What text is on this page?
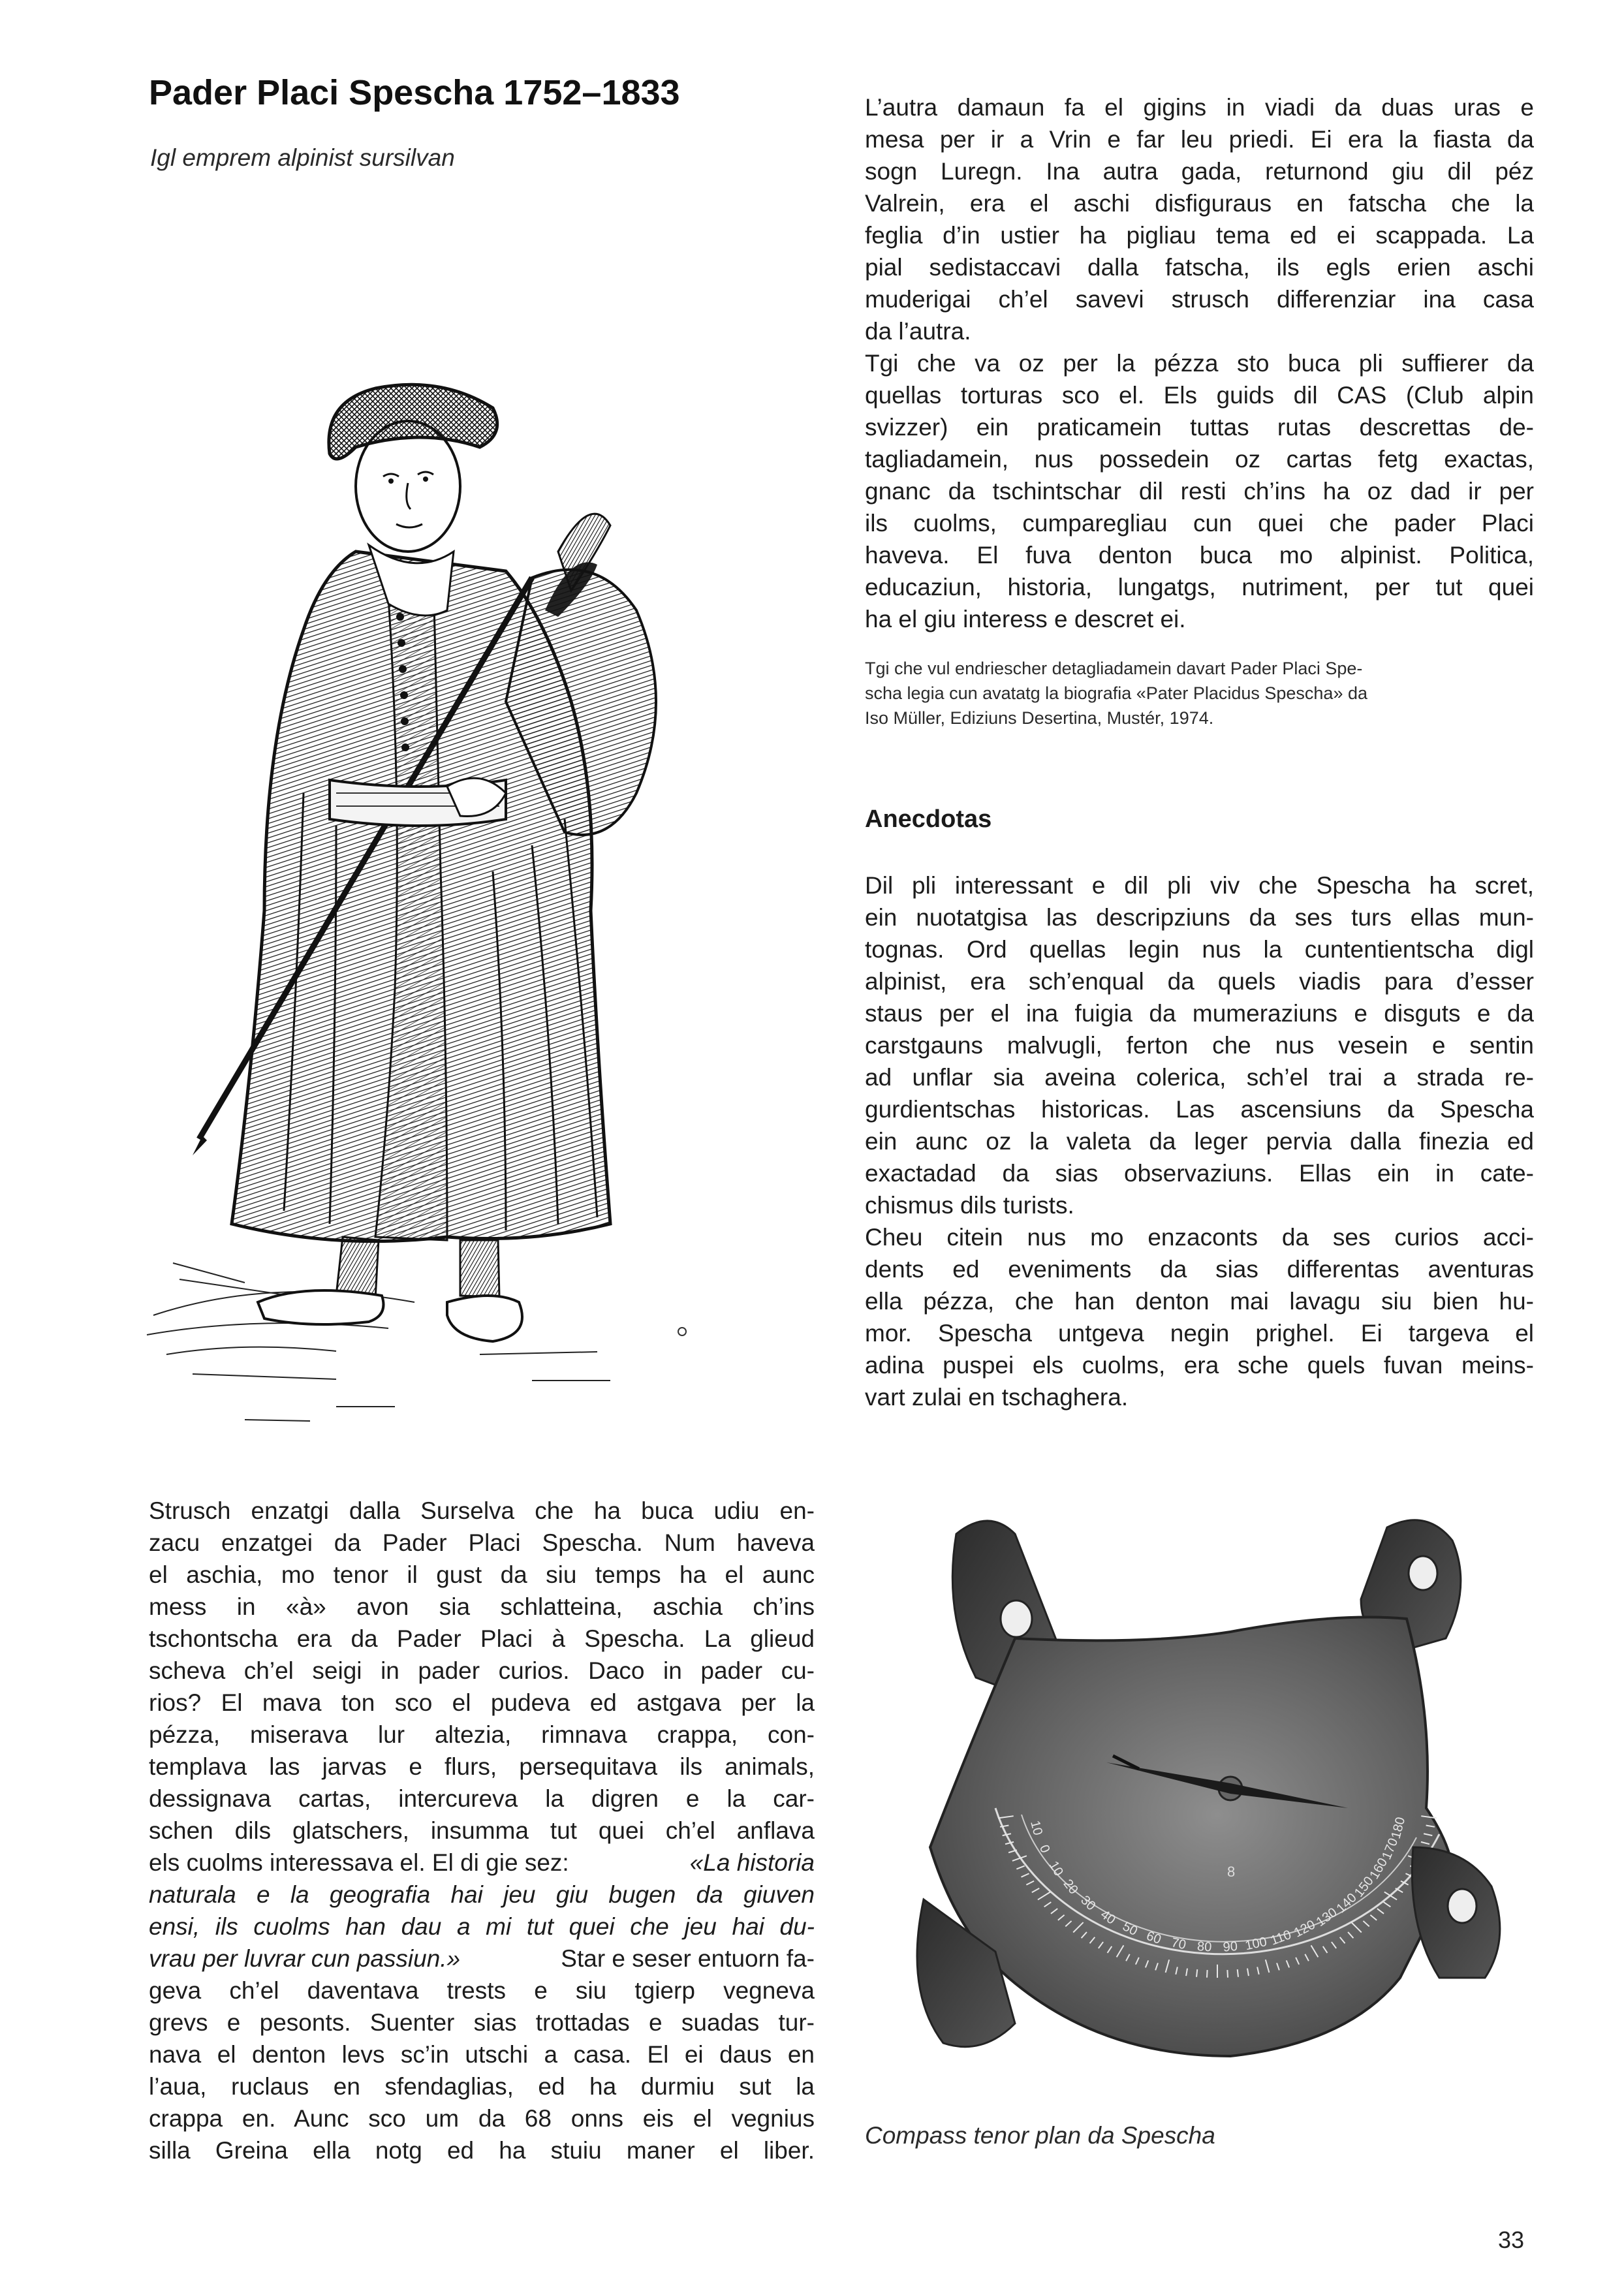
Pader Placi Spescha 1752–1833

Igl emprem alpinist sursilvan

L’autra damaun fa el gigins in viadi da duas uras e
mesa per ir a Vrin e far leu priedi. Ei era la fiasta da
sogn Luregn. Ina autra gada, returnond giu dil péz
Valrein, era el aschi disfiguraus en fatscha che la
feglia d’in ustier ha pigliau tema ed ei scappada. La
pial sedistaccavi dalla fatscha, ils egls erien aschi
muderigai ch’el savevi strusch differenziar ina casa
da l’autra.
Tgi che va oz per la pézza sto buca pli suffierer da
quellas torturas sco el. Els guids dil CAS (Club alpin
svizzer) ein praticamein tuttas rutas descrettas de-
tagliadamein, nus possedein oz cartas fetg exactas,
gnanc da tschintschar dil resti ch’ins ha oz dad ir per
ils cuolms, cumparegliau cun quei che pader Placi
haveva. El fuva denton buca mo alpinist. Politica,
educaziun, historia, lungatgs, nutriment, per tut quei
ha el giu interess e descret ei.
Tgi che vul endriescher detagliadamein davart Pader Placi Spe-
scha legia cun avatatg la biografia «Pater Placidus Spescha» da
Iso Müller, Ediziuns Desertina, Mustér, 1974.
Anecdotas
Dil pli interessant e dil pli viv che Spescha ha scret,
ein nuotatgisa las descripziuns da ses turs ellas mun-
tognas. Ord quellas legin nus la cuntentientscha digl
alpinist, era sch’enqual da quels viadis para d’esser
staus per el ina fuigia da mumeraziuns e disguts e da
carstgauns malvugli, ferton che nus vesein e sentin
ad unflar sia aveina colerica, sch’el trai a strada re-
gurdientschas historicas. Las ascensiuns da Spescha
ein aunc oz la valeta da leger pervia dalla finezia ed
exactadad da sias observaziuns. Ellas ein in cate-
chismus dils turists.
Cheu citein nus mo enzaconts da ses curios acci-
dents ed eveniments da sias differentas aventuras
ella pézza, che han denton mai lavagu siu bien hu-
mor. Spescha untgeva negin prighel. Ei targeva el
adina puspei els cuolms, era sche quels fuvan meins-
vart zulai en tschaghera.
Strusch enzatgi dalla Surselva che ha buca udiu en-
zacu enzatgei da Pader Placi Spescha. Num haveva
el aschia, mo tenor il gust da siu temps ha el aunc
mess in «à» avon sia schlatteina, aschia ch’ins
tschontscha era da Pader Placi à Spescha. La glieud
scheva ch’el seigi in pader curios. Daco in pader cu-
rios? El mava ton sco el pudeva ed astgava per la
pézza, miserava lur altezia, rimnava crappa, con-
templava las jarvas e flurs, persequitava ils animals,
dessignava cartas, intercureva la digren e la car-
schen dils glatschers, insumma tut quei ch’el anflava
els cuolms interessava el. El di gie sez:	«La historia
naturala e la geografia hai jeu giu bugen da giuven
ensi, ils cuolms han dau a mi tut quei che jeu hai du-
vrau per luvrar cun passiun.»	Star e seser entuorn fa-
geva ch’el daventava trests e siu tgierp vegneva
grevs e pesonts. Suenter sias trottadas e suadas tur-
nava el denton levs sc’in utschi a casa. El ei daus en
l’aua, ruclaus en sfendaglias, ed ha durmiu sut la
crappa en. Aunc sco um da 68 onns eis el vegnius
silla Greina ella notg ed ha stuiu maner el liber.
180
170
160
150
140
130
120
110
100
90
80
70
60
50
40
30
20
10
0
10
8

Compass tenor plan da Spescha

33
